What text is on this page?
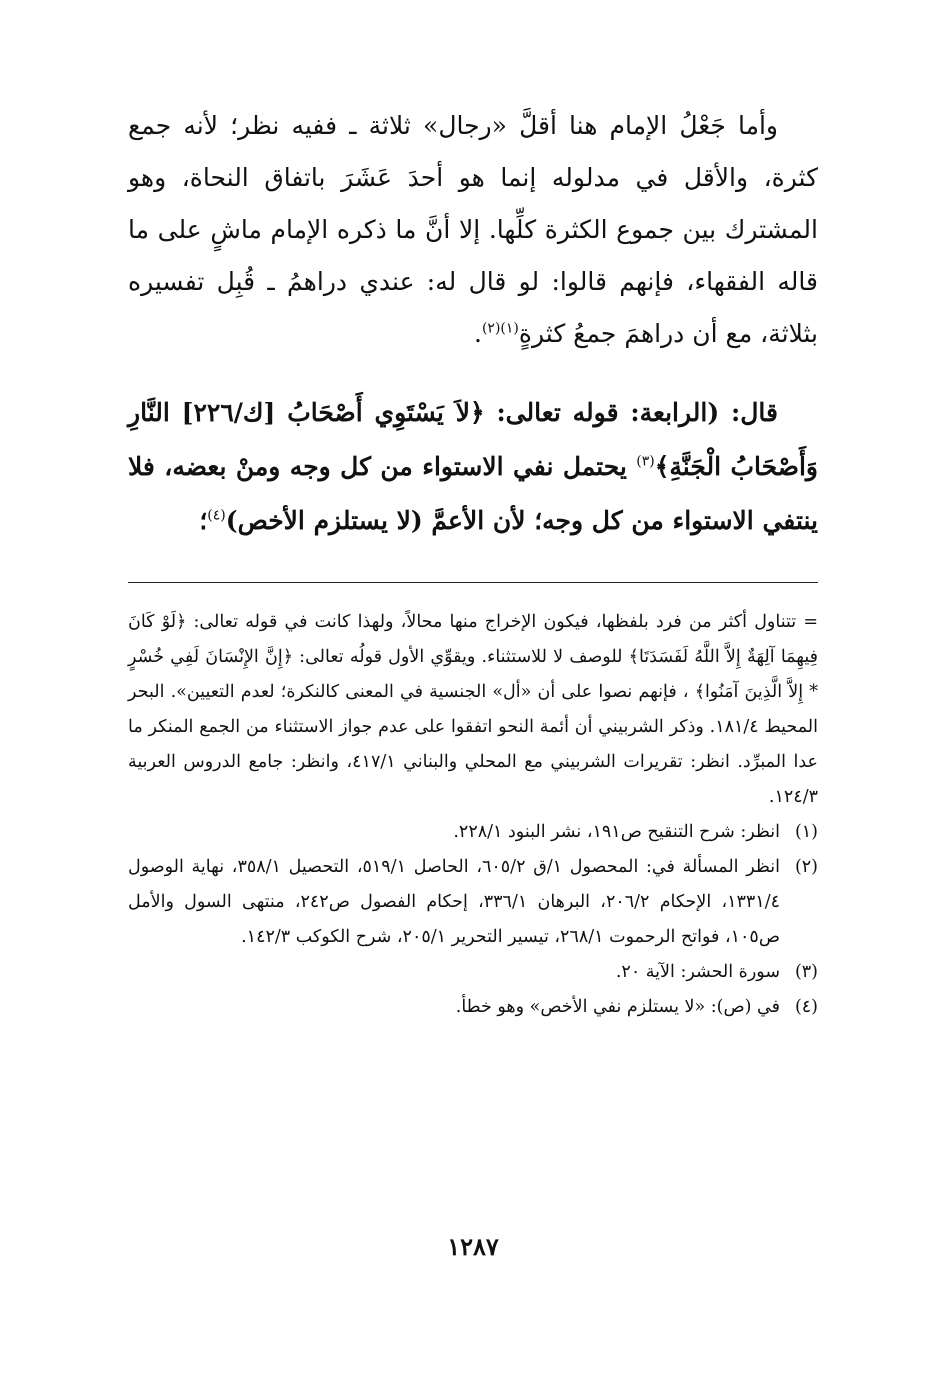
وأما جَعْلُ الإمام هنا أقلَّ «رجال» ثلاثة ـ ففيه نظر؛ لأنه جمع كثرة، والأقل في مدلوله إنما هو أحدَ عَشَرَ باتفاق النحاة، وهو المشترك بين جموع الكثرة كلِّها. إلا أنَّ ما ذكره الإمام ماشٍ على ما قاله الفقهاء، فإنهم قالوا: لو قال له: عندي دراهمُ ـ قُبِل تفسيره بثلاثة، مع أن دراهمَ جمعُ كثرةٍ$^{(١)(٢)}$.

قال: (الرابعة: قوله تعالى: ﴿لاَ يَسْتَوِي أَصْحَابُ [ك/٢٢٦] النَّارِ وَأَصْحَابُ الْجَنَّةِ﴾$^{(٣)}$ يحتمل نفي الاستواء من كل وجه ومنْ بعضه، فلا ينتفي الاستواء من كل وجه؛ لأن الأعمَّ (لا يستلزم الأخص)$^{(٤)}$؛

= تتناول أكثر من فرد بلفظها، فيكون الإخراج منها محالاً، ولهذا كانت في قوله تعالى: ﴿لَوْ كَانَ فِيهِمَا آلِهَةٌ إِلاَّ اللَّهُ لَفَسَدَتَا﴾ للوصف لا للاستثناء. ويقوِّي الأول قولُه تعالى: ﴿إِنَّ الإِنْسَانَ لَفِي خُسْرٍ * إِلاَّ الَّذِينَ آمَنُوا﴾ ، فإنهم نصوا على أن «أل» الجنسية في المعنى كالنكرة؛ لعدم التعيين». البحر المحيط ١٨١/٤. وذكر الشربيني أن أئمة النحو اتفقوا على عدم جواز الاستثناء من الجمع المنكر ما عدا المبرِّد. انظر: تقريرات الشربيني مع المحلي والبناني ٤١٧/١، وانظر: جامع الدروس العربية ١٢٤/٣.

(١)انظر: شرح التنقيح ص١٩١، نشر البنود ٢٢٨/١.

(٢)انظر المسألة في: المحصول ١/ق ٦٠٥/٢، الحاصل ٥١٩/١، التحصيل ٣٥٨/١، نهاية الوصول ١٣٣١/٤، الإحكام ٢٠٦/٢، البرهان ٣٣٦/١، إحكام الفصول ص٢٤٢، منتهى السول والأمل ص١٠٥، فواتح الرحموت ٢٦٨/١، تيسير التحرير ٢٠٥/١، شرح الكوكب ١٤٢/٣.

(٣)سورة الحشر: الآية ٢٠.

(٤)في (ص): «لا يستلزم نفي الأخص» وهو خطأ.

١٢٨٧
